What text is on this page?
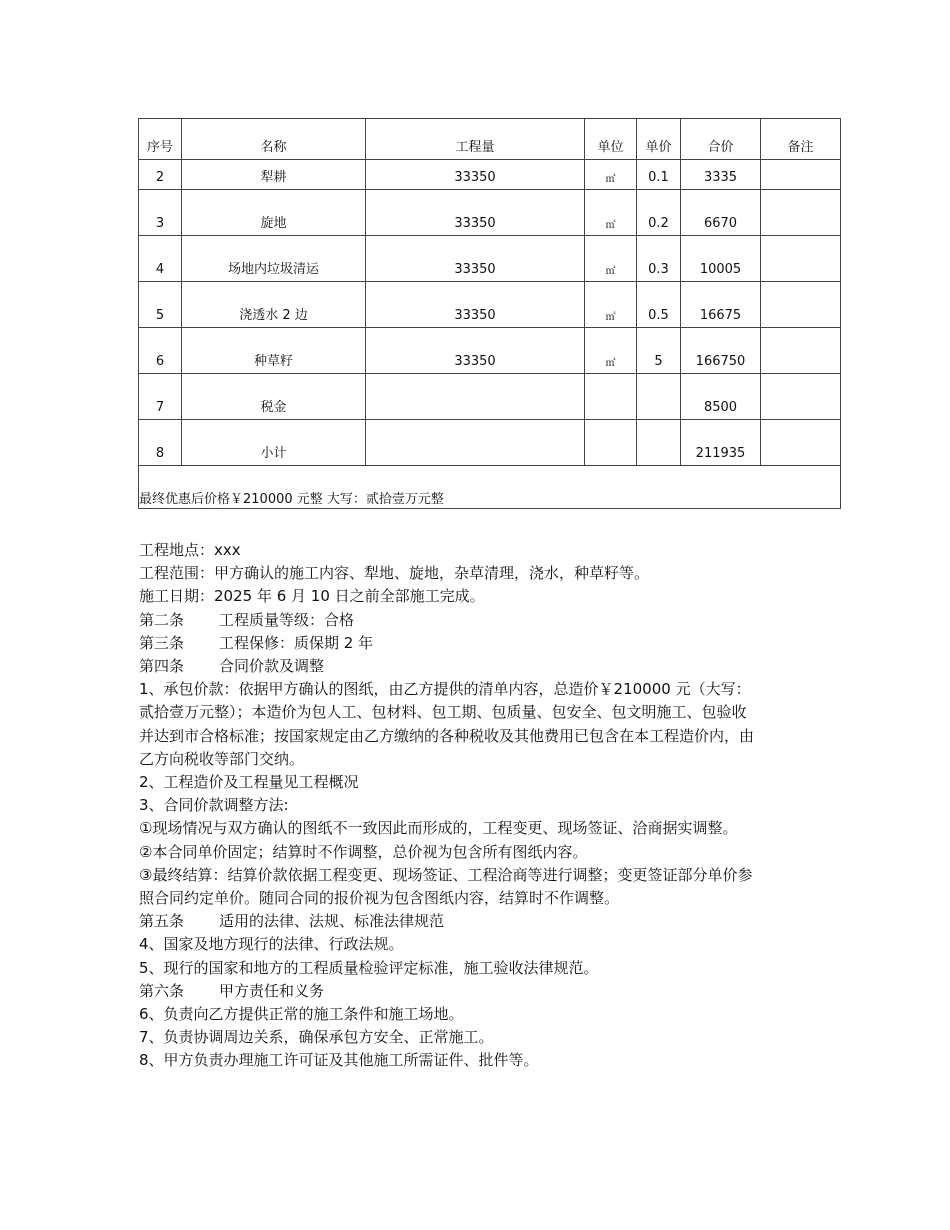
序号	名称	工程量	单位	单价	合价	备注
2	犁耕	33350	㎡	0.1	3335	
3	旋地	33350	㎡	0.2	6670	
4	场地内垃圾清运	33350	㎡	0.3	10005	
5	浇透水 2 边	33350	㎡	0.5	16675	
6	种草籽	33350	㎡	5	166750	
7	税金				8500	
8	小计				211935	
最终优惠后价格￥210000 元整 大写：贰拾壹万元整						

工程地点：xxx

工程范围：甲方确认的施工内容、犁地、旋地，杂草清理，浇水，种草籽等。

施工日期：2025 年 6 月 10 日之前全部施工完成。

第二条 工程质量等级：合格

第三条 工程保修：质保期 2 年

第四条 合同价款及调整

1、承包价款：依据甲方确认的图纸，由乙方提供的清单内容，总造价￥210000 元（大写：

贰拾壹万元整）；本造价为包人工、包材料、包工期、包质量、包安全、包文明施工、包验收

并达到市合格标准；按国家规定由乙方缴纳的各种税收及其他费用已包含在本工程造价内，由

乙方向税收等部门交纳。

2、工程造价及工程量见工程概况

3、合同价款调整方法:

①现场情况与双方确认的图纸不一致因此而形成的，工程变更、现场签证、洽商据实调整。

②本合同单价固定；结算时不作调整，总价视为包含所有图纸内容。

③最终结算：结算价款依据工程变更、现场签证、工程洽商等进行调整；变更签证部分单价参

照合同约定单价。随同合同的报价视为包含图纸内容，结算时不作调整。

第五条 适用的法律、法规、标准法律规范

4、国家及地方现行的法律、行政法规。

5、现行的国家和地方的工程质量检验评定标准，施工验收法律规范。

第六条 甲方责任和义务

6、负责向乙方提供正常的施工条件和施工场地。

7、负责协调周边关系，确保承包方安全、正常施工。

8、甲方负责办理施工许可证及其他施工所需证件、批件等。
